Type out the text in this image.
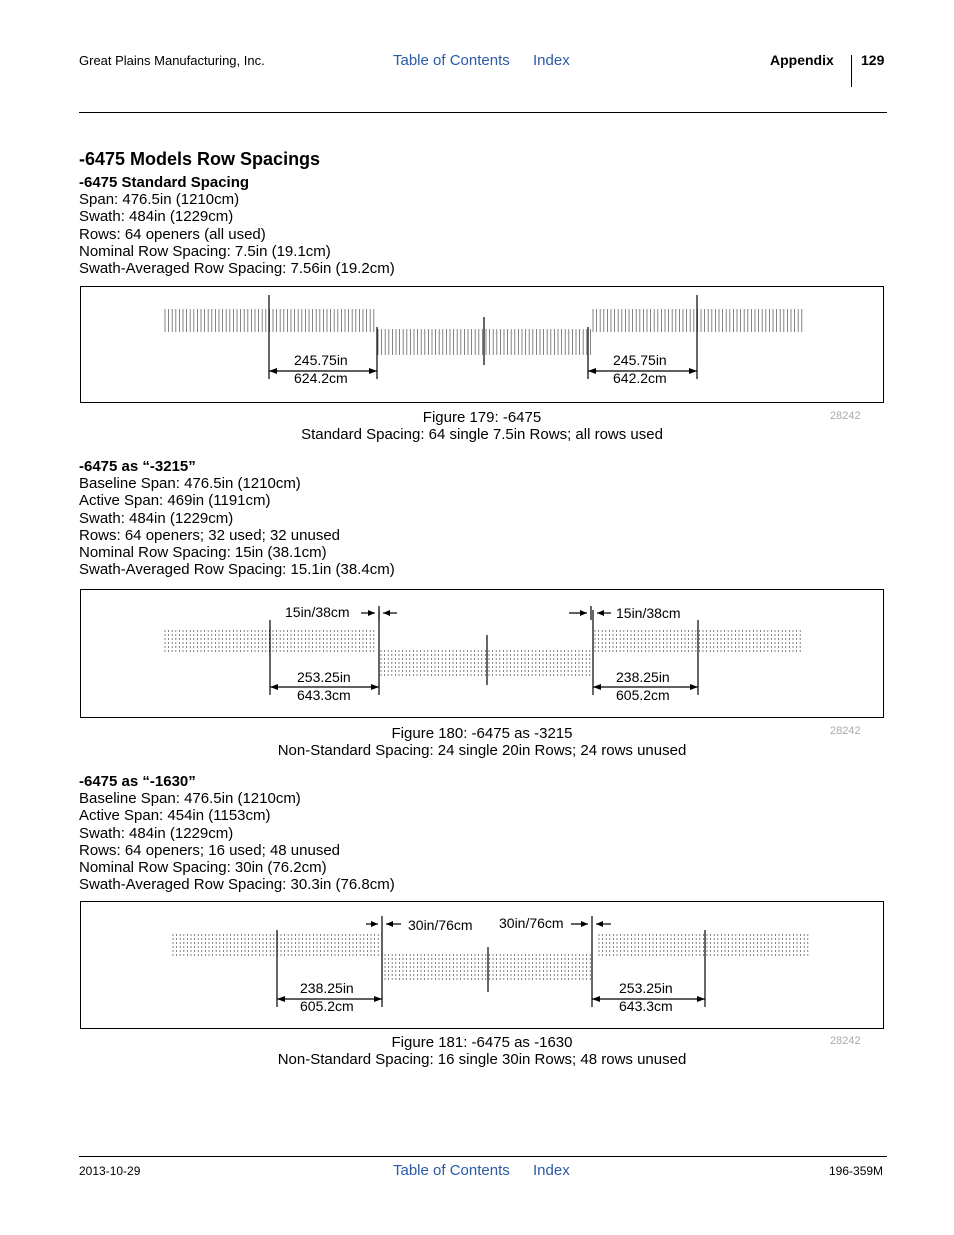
Great Plains Manufacturing, Inc.	Table of Contents Index	Appendix 129
-6475 Models Row Spacings
-6475 Standard Spacing
Span: 476.5in (1210cm)
Swath: 484in (1229cm)
Rows: 64 openers (all used)
Nominal Row Spacing: 7.5in (19.1cm)
Swath-Averaged Row Spacing: 7.56in (19.2cm)
245.75in
624.2cm
245.75in
642.2cm
Figure 179: -6475
Standard Spacing: 64 single 7.5in Rows; all rows used
28242
-6475 as “-3215”
Baseline Span: 476.5in (1210cm)
Active Span: 469in (1191cm)
Swath: 484in (1229cm)
Rows: 64 openers; 32 used; 32 unused
Nominal Row Spacing: 15in (38.1cm)
Swath-Averaged Row Spacing: 15.1in (38.4cm)
15in/38cm	15in/38cm
253.25in
643.3cm
238.25in
605.2cm
Figure 180: -6475 as -3215
Non-Standard Spacing: 24 single 20in Rows; 24 rows unused
28242
-6475 as “-1630”
Baseline Span: 476.5in (1210cm)
Active Span: 454in (1153cm)
Swath: 484in (1229cm)
Rows: 64 openers; 16 used; 48 unused
Nominal Row Spacing: 30in (76.2cm)
Swath-Averaged Row Spacing: 30.3in (76.8cm)
30in/76cm 30in/76cm
238.25in
605.2cm
253.25in
643.3cm
Figure 181: -6475 as -1630
Non-Standard Spacing: 16 single 30in Rows; 48 rows unused
28242
2013-10-29	Table of Contents Index	196-359M
